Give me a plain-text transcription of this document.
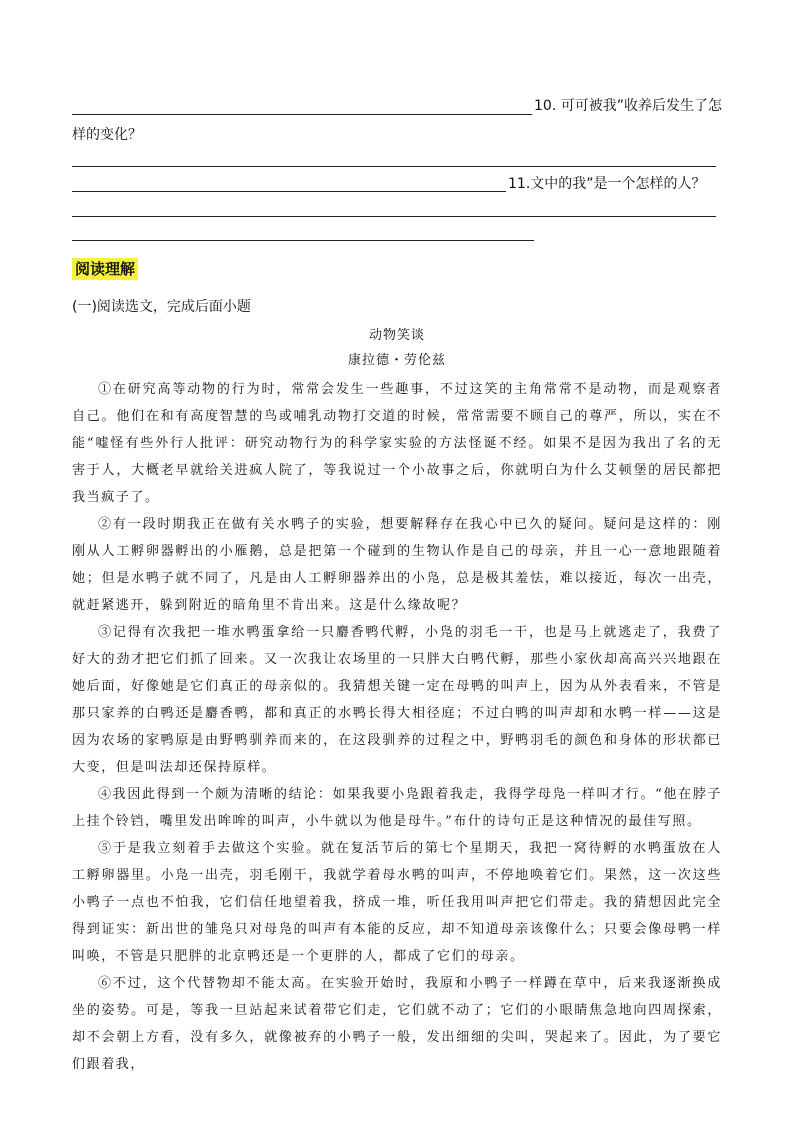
10. 可可被我”收养后发生了怎
样的变化？
11.文中的我”是一个怎样的人？
阅读理解
(一)阅读选文，完成后面小题
动物笑谈
康拉德・劳伦兹

①在研究高等动物的行为时，常常会发生一些趣事，不过这笑的主角常常不是动物，而是观察者自己。他们在和有高度智慧的鸟或哺乳动物打交道的时候，常常需要不顾自己的尊严，所以，实在不能“嘘怪有些外行人批评：研究动物行为的科学家实验的方法怪诞不经。如果不是因为我出了名的无害于人，大概老早就给关进疯人院了，等我说过一个小故事之后，你就明白为什么艾顿堡的居民都把我当疯子了。

②有一段时期我正在做有关水鸭子的实验，想要解释存在我心中已久的疑问。疑问是这样的：刚刚从人工孵卵器孵出的小雁鹅，总是把第一个碰到的生物认作是自己的母亲，并且一心一意地跟随着她；但是水鸭子就不同了，凡是由人工孵卵器养出的小凫，总是极其羞怯，难以接近，每次一出壳，就赶紧逃开，躲到附近的暗角里不肯出来。这是什么缘故呢？

③记得有次我把一堆水鸭蛋拿给一只麝香鸭代孵，小凫的羽毛一干，也是马上就逃走了，我费了好大的劲才把它们抓了回来。又一次我让农场里的一只胖大白鸭代孵，那些小家伙却高高兴兴地跟在她后面，好像她是它们真正的母亲似的。我猜想关键一定在母鸭的叫声上，因为从外表看来，不管是那只家养的白鸭还是麝香鸭，都和真正的水鸭长得大相径庭；不过白鸭的叫声却和水鸭一样——这是因为农场的家鸭原是由野鸭驯养而来的，在这段驯养的过程之中，野鸭羽毛的颜色和身体的形状都已大变，但是叫法却还保持原样。

④我因此得到一个颇为清晰的结论：如果我要小凫跟着我走，我得学母凫一样叫才行。“他在脖子上挂个铃铛，嘴里发出哞哞的叫声，小牛就以为他是母牛。”布什的诗句正是这种情况的最佳写照。

⑤于是我立刻着手去做这个实验。就在复活节后的第七个星期天，我把一窝待孵的水鸭蛋放在人工孵卵器里。小凫一出壳，羽毛刚干，我就学着母水鸭的叫声，不停地唤着它们。果然，这一次这些小鸭子一点也不怕我，它们信任地望着我，挤成一堆，听任我用叫声把它们带走。我的猜想因此完全得到证实：新出世的雏凫只对母凫的叫声有本能的反应，却不知道母亲该像什么；只要会像母鸭一样叫唤，不管是只肥胖的北京鸭还是一个更胖的人，都成了它们的母亲。

⑥不过，这个代替物却不能太高。在实验开始时，我原和小鸭子一样蹲在草中，后来我逐渐换成坐的姿势。可是，等我一旦站起来试着带它们走，它们就不动了；它们的小眼睛焦急地向四周探索，却不会朝上方看，没有多久，就像被弃的小鸭子一般，发出细细的尖叫，哭起来了。因此，为了要它们跟着我，
